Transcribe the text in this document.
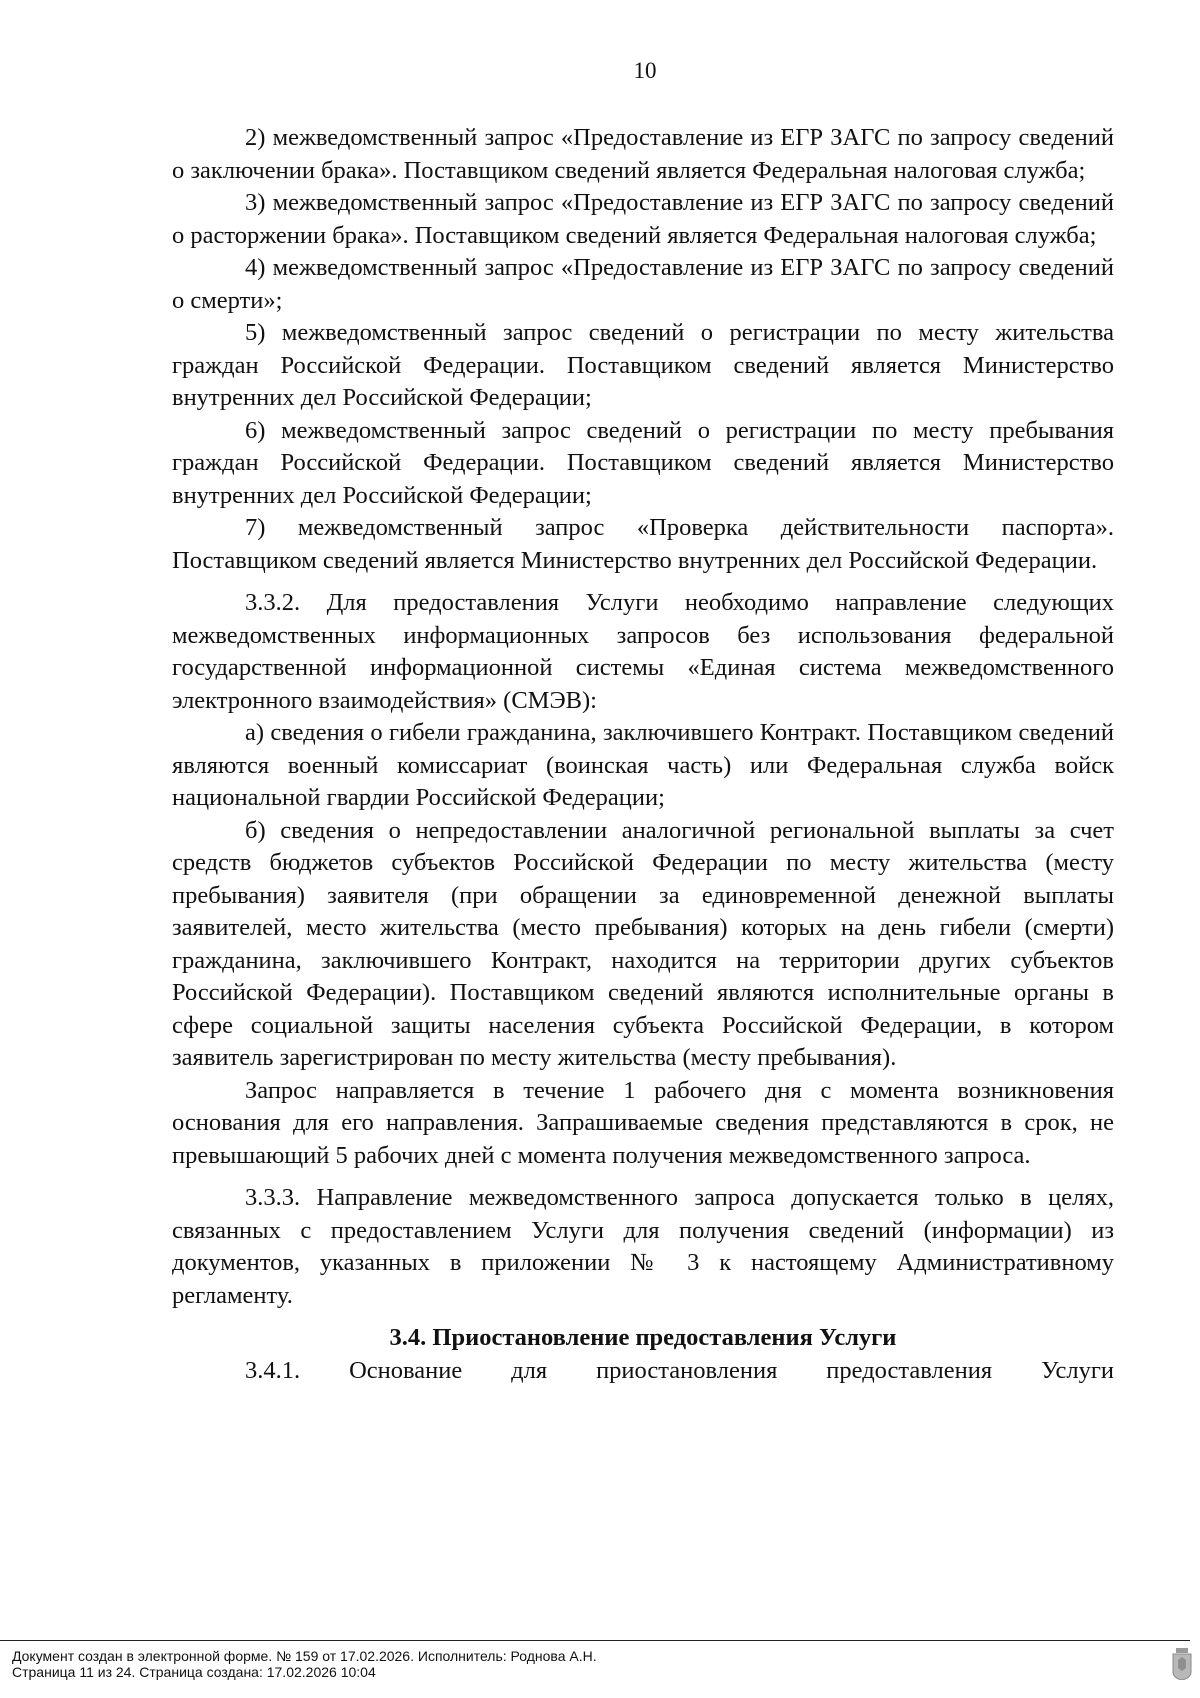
10

2) межведомственный запрос «Предоставление из ЕГР ЗАГС по запросу сведений о заключении брака». Поставщиком сведений является Федеральная налоговая служба;

3) межведомственный запрос «Предоставление из ЕГР ЗАГС по запросу сведений о расторжении брака». Поставщиком сведений является Федеральная налоговая служба;

4) межведомственный запрос «Предоставление из ЕГР ЗАГС по запросу сведений о смерти»;

5) межведомственный запрос сведений о регистрации по месту жительства граждан Российской Федерации. Поставщиком сведений является Министерство внутренних дел Российской Федерации;

6) межведомственный запрос сведений о регистрации по месту пребывания граждан Российской Федерации. Поставщиком сведений является Министерство внутренних дел Российской Федерации;

7) межведомственный запрос «Проверка действительности паспорта». Поставщиком сведений является Министерство внутренних дел Российской Федерации.

3.3.2. Для предоставления Услуги необходимо направление следующих межведомственных информационных запросов без использования федеральной государственной информационной системы «Единая система межведомственного электронного взаимодействия» (СМЭВ):

а) сведения о гибели гражданина, заключившего Контракт. Поставщиком сведений являются военный комиссариат (воинская часть) или Федеральная служба войск национальной гвардии Российской Федерации;

б) сведения о непредоставлении аналогичной региональной выплаты за счет средств бюджетов субъектов Российской Федерации по месту жительства (месту пребывания) заявителя (при обращении за единовременной денежной выплаты заявителей, место жительства (место пребывания) которых на день гибели (смерти) гражданина, заключившего Контракт, находится на территории других субъектов Российской Федерации). Поставщиком сведений являются исполнительные органы в сфере социальной защиты населения субъекта Российской Федерации, в котором заявитель зарегистрирован по месту жительства (месту пребывания).

Запрос направляется в течение 1 рабочего дня с момента возникновения основания для его направления. Запрашиваемые сведения представляются в срок, не превышающий 5 рабочих дней с момента получения межведомственного запроса.

3.3.3. Направление межведомственного запроса допускается только в целях, связанных с предоставлением Услуги для получения сведений (информации) из документов, указанных в приложении № 3 к настоящему Административному регламенту.

3.4. Приостановление предоставления Услуги

3.4.1. Основание для приостановления предоставления Услуги

Документ создан в электронной форме. № 159 от 17.02.2026. Исполнитель: Роднова А.Н.
Страница 11 из 24. Страница создана: 17.02.2026 10:04
